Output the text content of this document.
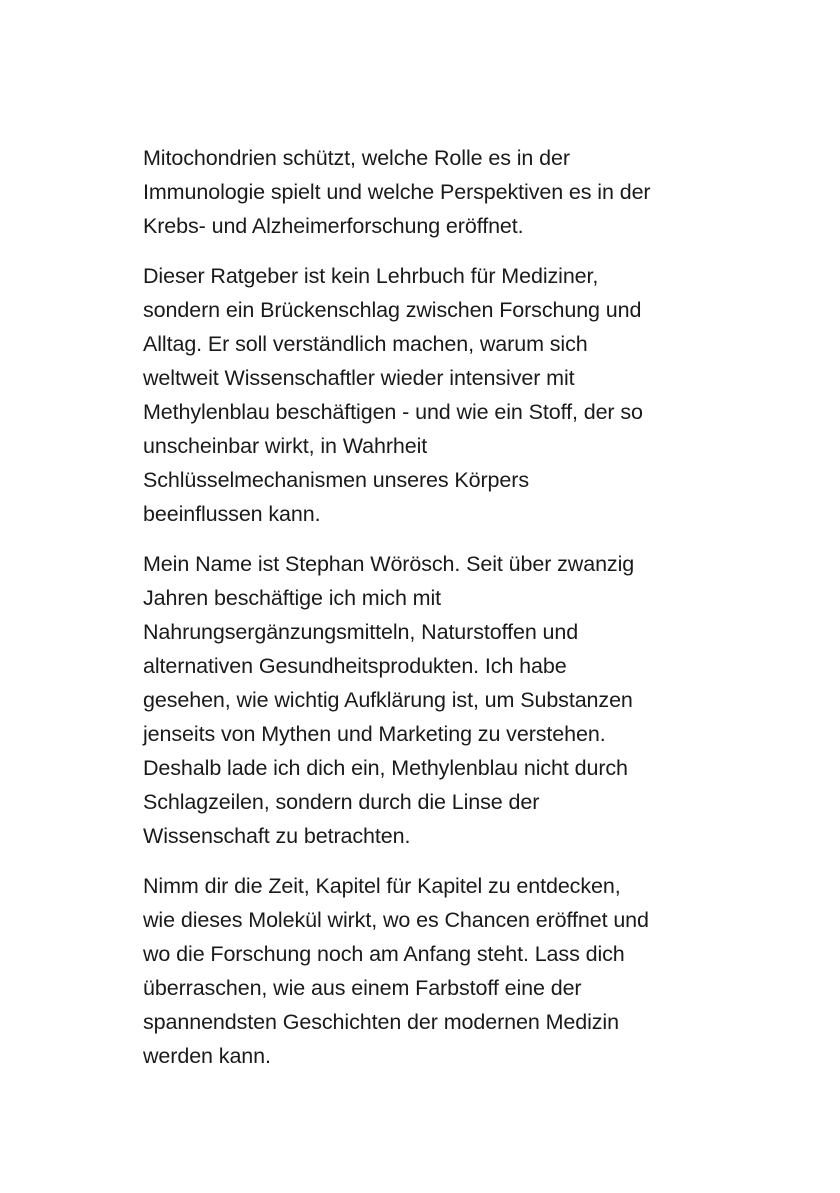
Mitochondrien schützt, welche Rolle es in der
Immunologie spielt und welche Perspektiven es in der
Krebs- und Alzheimerforschung eröffnet.

Dieser Ratgeber ist kein Lehrbuch für Mediziner,
sondern ein Brückenschlag zwischen Forschung und
Alltag. Er soll verständlich machen, warum sich
weltweit Wissenschaftler wieder intensiver mit
Methylenblau beschäftigen - und wie ein Stoff, der so
unscheinbar wirkt, in Wahrheit
Schlüsselmechanismen unseres Körpers
beeinflussen kann.

Mein Name ist Stephan Wörösch. Seit über zwanzig
Jahren beschäftige ich mich mit
Nahrungsergänzungsmitteln, Naturstoffen und
alternativen Gesundheitsprodukten. Ich habe
gesehen, wie wichtig Aufklärung ist, um Substanzen
jenseits von Mythen und Marketing zu verstehen.
Deshalb lade ich dich ein, Methylenblau nicht durch
Schlagzeilen, sondern durch die Linse der
Wissenschaft zu betrachten.

Nimm dir die Zeit, Kapitel für Kapitel zu entdecken,
wie dieses Molekül wirkt, wo es Chancen eröffnet und
wo die Forschung noch am Anfang steht. Lass dich
überraschen, wie aus einem Farbstoff eine der
spannendsten Geschichten der modernen Medizin
werden kann.
